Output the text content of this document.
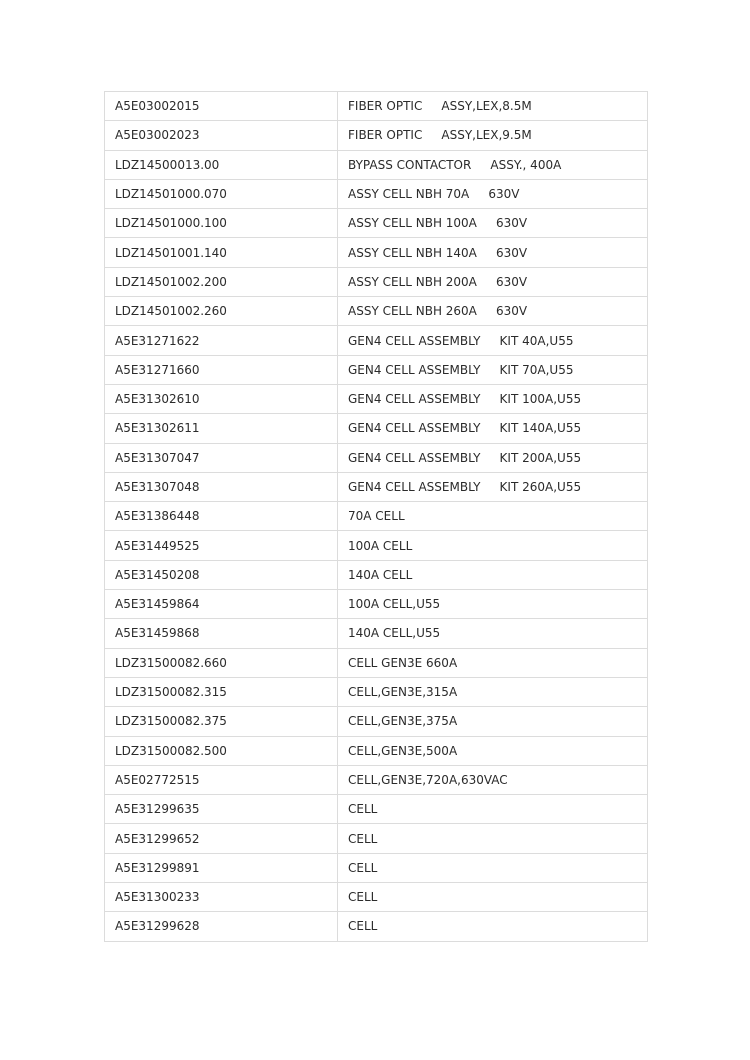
A5E03002015	FIBER OPTIC     ASSY,LEX,8.5M
A5E03002023	FIBER OPTIC     ASSY,LEX,9.5M
LDZ14500013.00	BYPASS CONTACTOR     ASSY., 400A
LDZ14501000.070	ASSY CELL NBH 70A     630V
LDZ14501000.100	ASSY CELL NBH 100A     630V
LDZ14501001.140	ASSY CELL NBH 140A     630V
LDZ14501002.200	ASSY CELL NBH 200A     630V
LDZ14501002.260	ASSY CELL NBH 260A     630V
A5E31271622	GEN4 CELL ASSEMBLY     KIT 40A,U55
A5E31271660	GEN4 CELL ASSEMBLY     KIT 70A,U55
A5E31302610	GEN4 CELL ASSEMBLY     KIT 100A,U55
A5E31302611	GEN4 CELL ASSEMBLY     KIT 140A,U55
A5E31307047	GEN4 CELL ASSEMBLY     KIT 200A,U55
A5E31307048	GEN4 CELL ASSEMBLY     KIT 260A,U55
A5E31386448	70A CELL
A5E31449525	100A CELL
A5E31450208	140A CELL
A5E31459864	100A CELL,U55
A5E31459868	140A CELL,U55
LDZ31500082.660	CELL GEN3E 660A
LDZ31500082.315	CELL,GEN3E,315A
LDZ31500082.375	CELL,GEN3E,375A
LDZ31500082.500	CELL,GEN3E,500A
A5E02772515	CELL,GEN3E,720A,630VAC
A5E31299635	CELL
A5E31299652	CELL
A5E31299891	CELL
A5E31300233	CELL
A5E31299628	CELL
